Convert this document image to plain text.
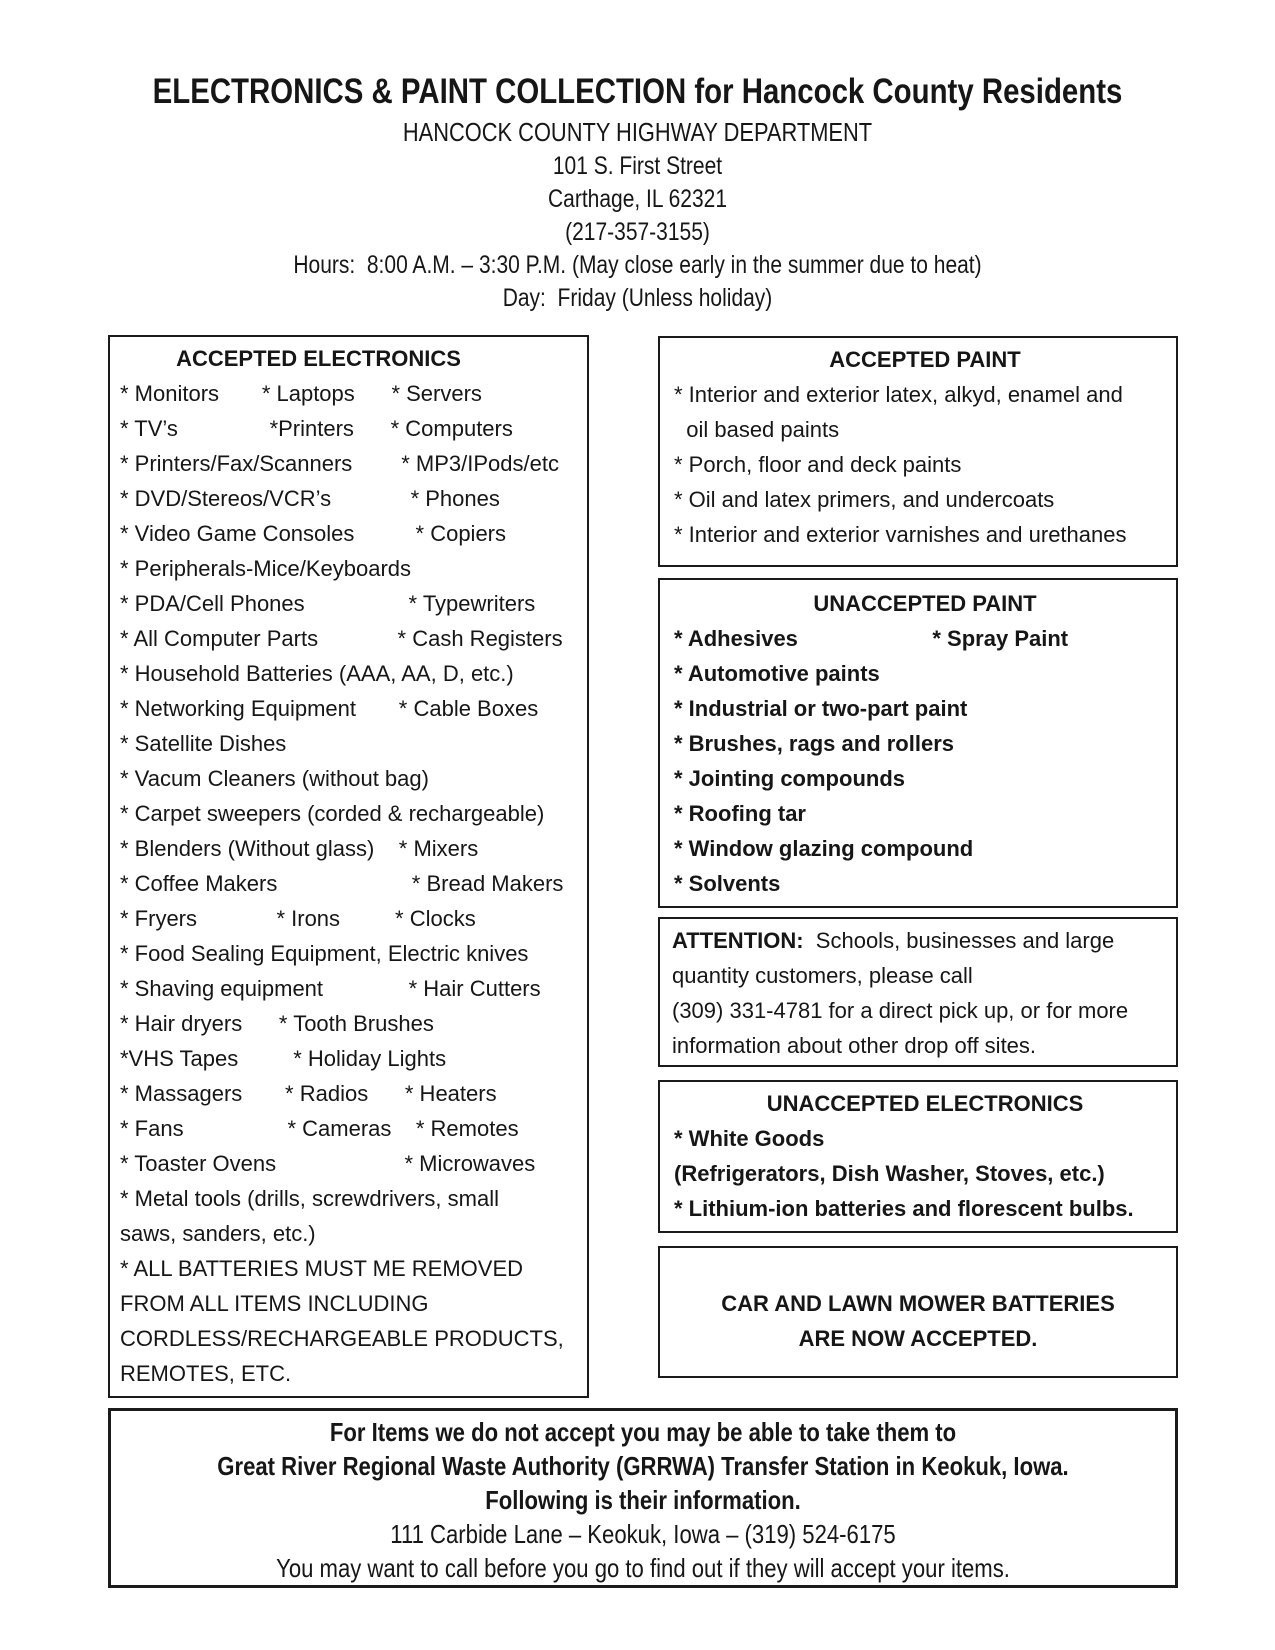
ELECTRONICS & PAINT COLLECTION for Hancock County Residents
HANCOCK COUNTY HIGHWAY DEPARTMENT
101 S. First Street
Carthage, IL 62321
(217-357-3155)
Hours:  8:00 A.M. – 3:30 P.M. (May close early in the summer due to heat)
Day:  Friday (Unless holiday)
ACCEPTED ELECTRONICS
* Monitors       * Laptops      * Servers
* TV’s               *Printers      * Computers
* Printers/Fax/Scanners        * MP3/IPods/etc
* DVD/Stereos/VCR’s             * Phones
* Video Game Consoles          * Copiers
* Peripherals-Mice/Keyboards
* PDA/Cell Phones                 * Typewriters
* All Computer Parts             * Cash Registers
* Household Batteries (AAA, AA, D, etc.)
* Networking Equipment       * Cable Boxes
* Satellite Dishes
* Vacum Cleaners (without bag)
* Carpet sweepers (corded & rechargeable)
* Blenders (Without glass)    * Mixers
* Coffee Makers                      * Bread Makers
* Fryers             * Irons         * Clocks
* Food Sealing Equipment, Electric knives
* Shaving equipment              * Hair Cutters
* Hair dryers      * Tooth Brushes
*VHS Tapes         * Holiday Lights
* Massagers       * Radios      * Heaters
* Fans                 * Cameras    * Remotes
* Toaster Ovens                     * Microwaves
* Metal tools (drills, screwdrivers, small
saws, sanders, etc.)
* ALL BATTERIES MUST ME REMOVED
FROM ALL ITEMS INCLUDING
CORDLESS/RECHARGEABLE PRODUCTS,
REMOTES, ETC.
ACCEPTED PAINT
* Interior and exterior latex, alkyd, enamel and
oil based paints
* Porch, floor and deck paints
* Oil and latex primers, and undercoats
* Interior and exterior varnishes and urethanes
UNACCEPTED PAINT
* Adhesives                      * Spray Paint
* Automotive paints
* Industrial or two-part paint
* Brushes, rags and rollers
* Jointing compounds
* Roofing tar
* Window glazing compound
* Solvents
ATTENTION:  Schools, businesses and large
quantity customers, please call
(309) 331-4781 for a direct pick up, or for more
information about other drop off sites.
UNACCEPTED ELECTRONICS
* White Goods
(Refrigerators, Dish Washer, Stoves, etc.)
* Lithium-ion batteries and florescent bulbs.
CAR AND LAWN MOWER BATTERIES
ARE NOW ACCEPTED.
For Items we do not accept you may be able to take them to
Great River Regional Waste Authority (GRRWA) Transfer Station in Keokuk, Iowa.
Following is their information.
111 Carbide Lane – Keokuk, Iowa – (319) 524-6175
You may want to call before you go to find out if they will accept your items.
